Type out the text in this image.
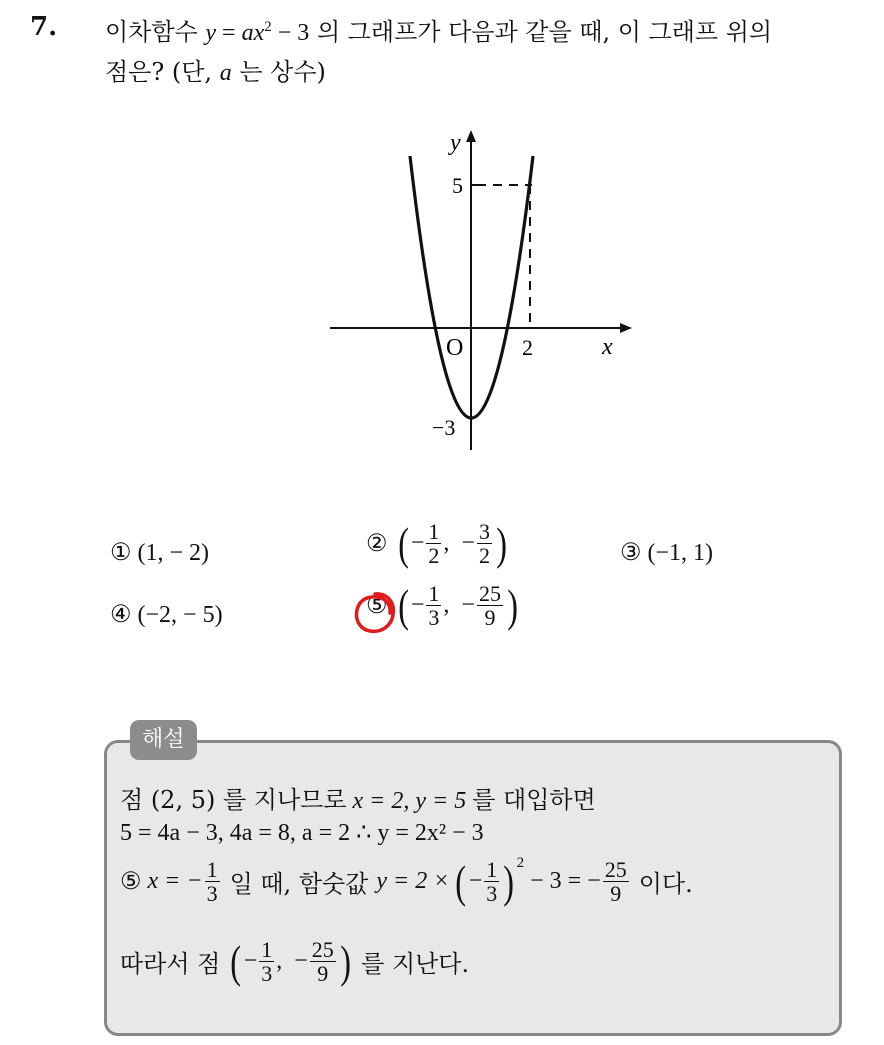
7. 이차함수 $y = ax^2 - 3$ 의 그래프가 다음과 같을 때, 이 그래프 위의
점은? (단, a 는 상수)
y
x
O	2
5
−3
① (1, − 2)	② ( − $\frac{1}{2}$ ,  − $\frac{3}{2}$ )	③ (−1, 1)
④ (−2, − 5)	⑤ ( − $\frac{1}{3}$ ,  − $\frac{25}{9}$ )
해설
점 (2, 5) 를 지나므로 x = 2, y = 5 를 대입하면
5 = 4a − 3, 4a = 8, a = 2 ∴ y = 2x² − 3
⑤ x = − $\frac{1}{3}$ 일 때, 함숫값 y = 2 × ( − $\frac{1}{3} )^2$
− 3 = − $\frac{25}{9}$ 이다.
따라서 점 ( − $\frac{1}{3}$ ,  − $\frac{25}{9}$ ) 를 지난다.
